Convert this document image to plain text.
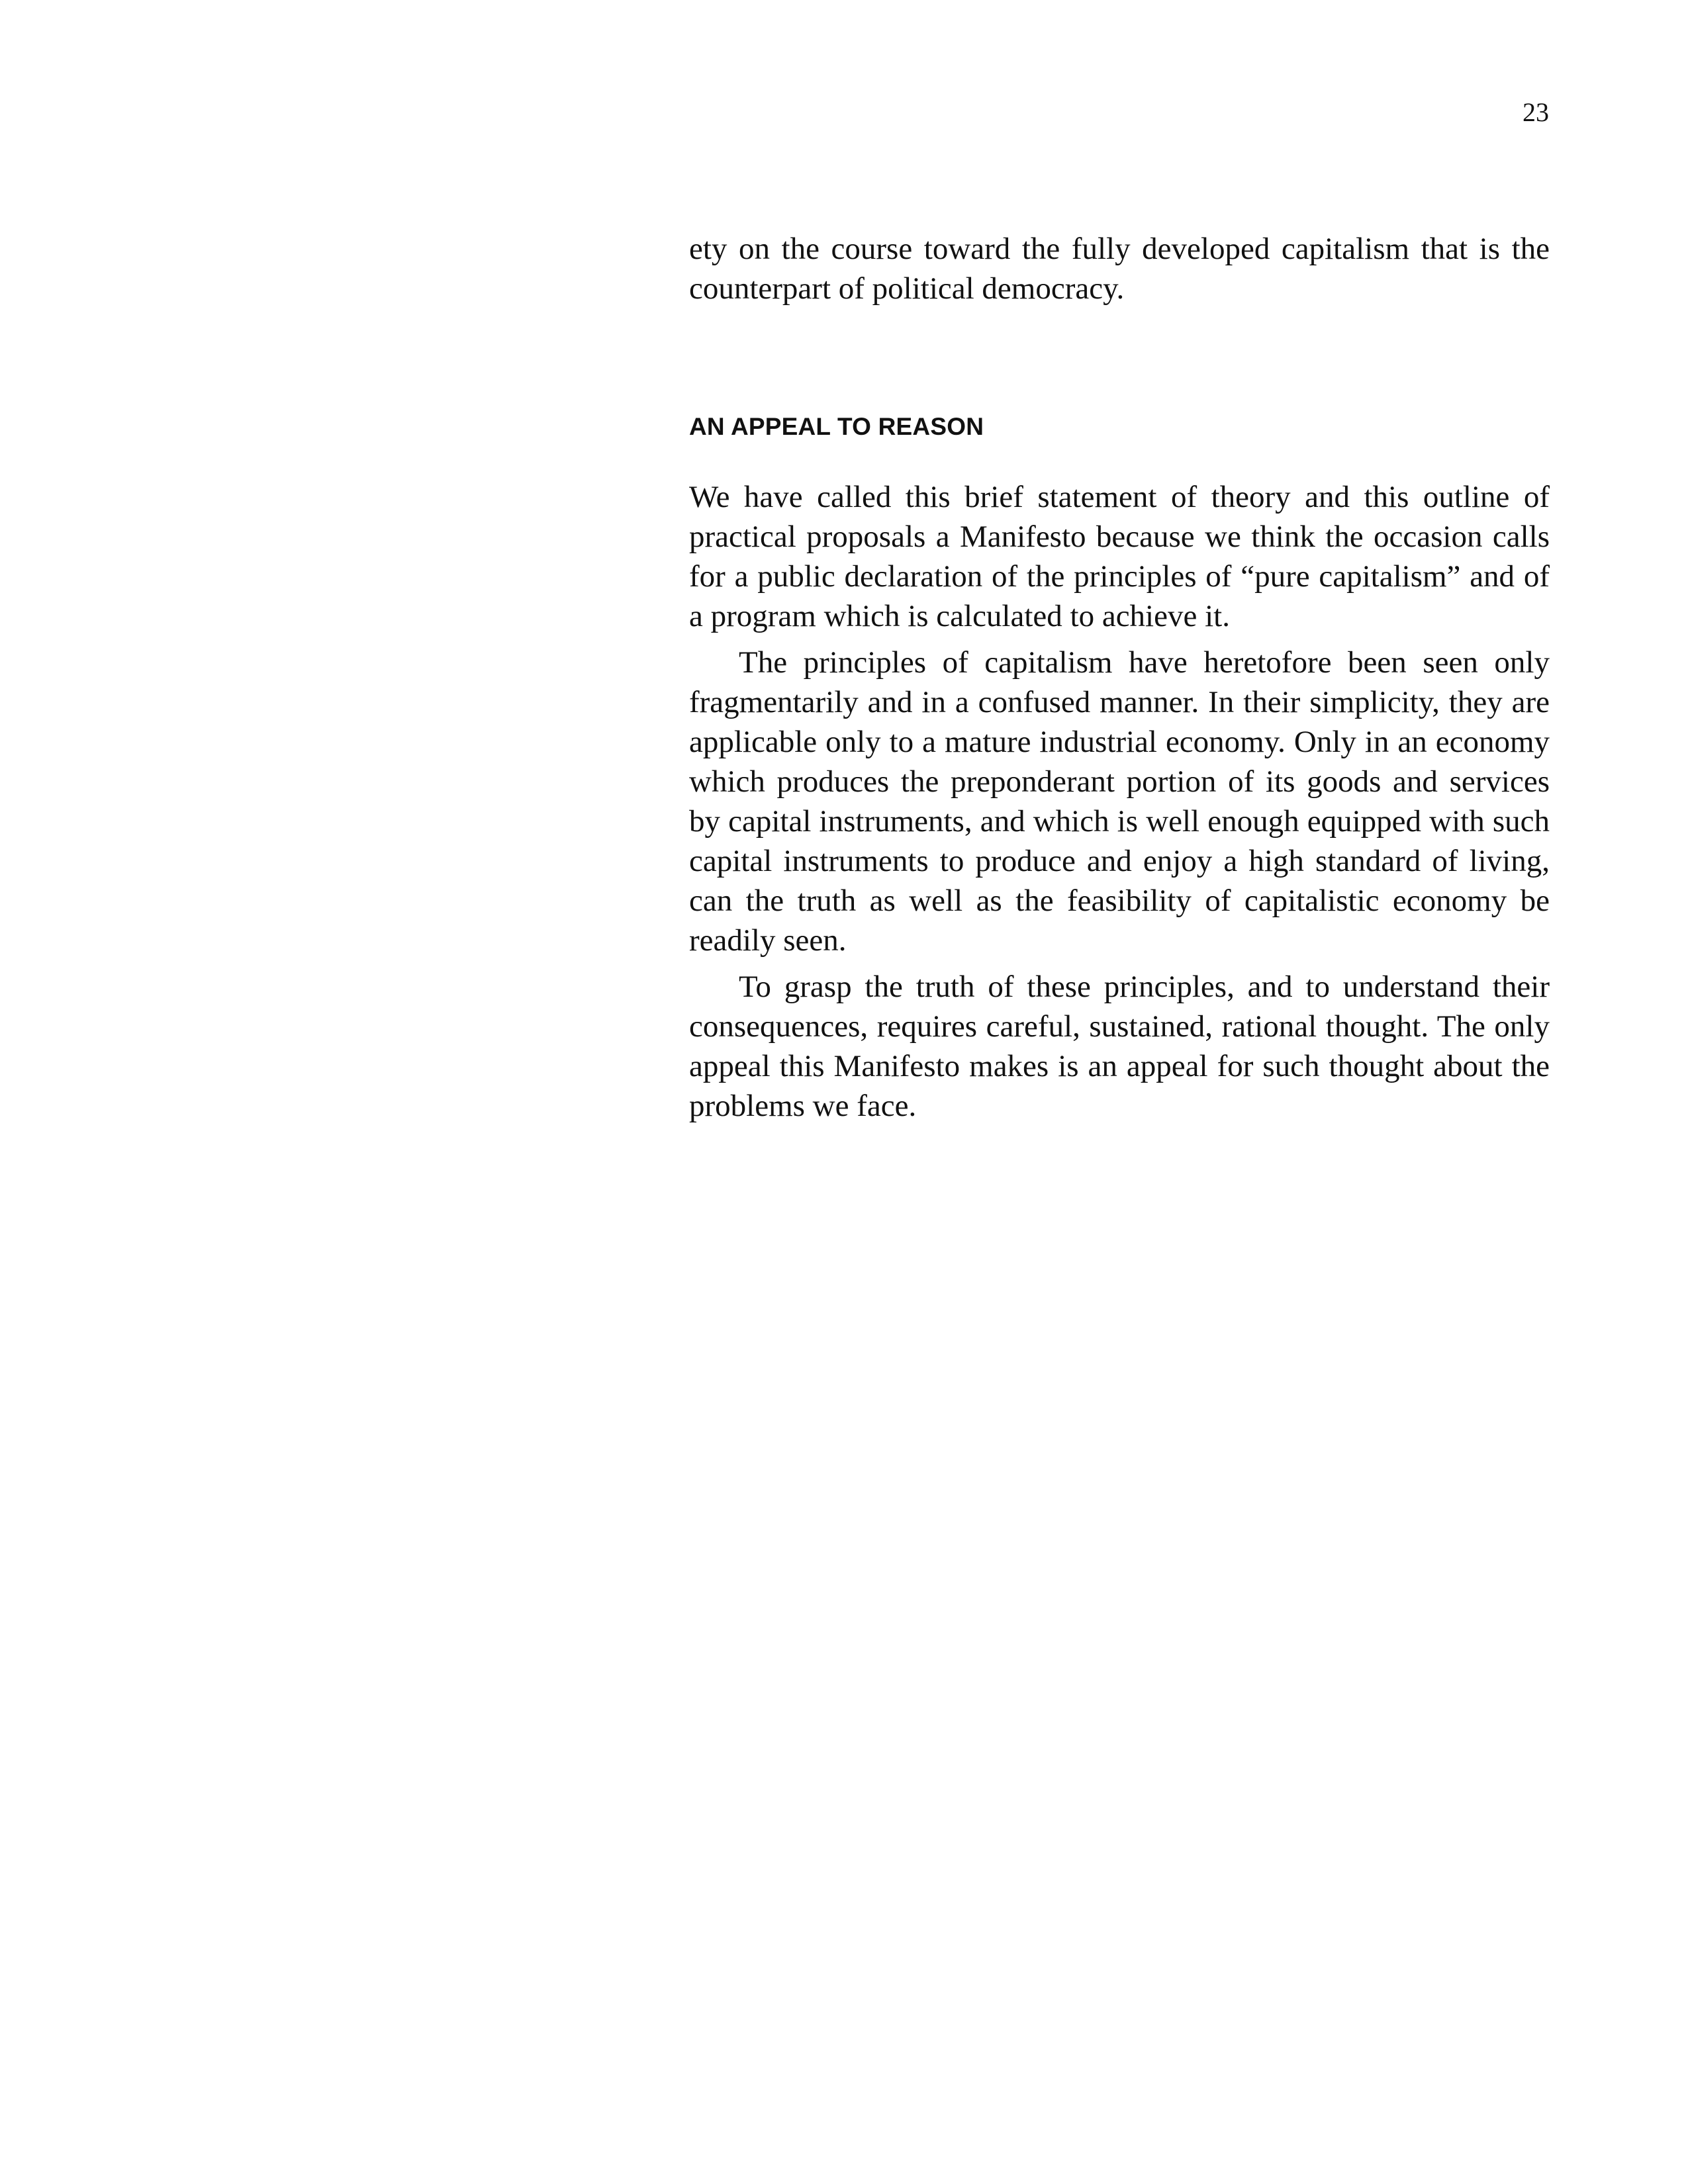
23

ety on the course toward the fully developed capitalism that is the counterpart of political democracy.

AN APPEAL TO REASON

We have called this brief statement of theory and this outline of practical proposals a Manifesto because we think the occasion calls for a public declaration of the principles of “pure capitalism” and of a program which is calculated to achieve it.

The principles of capitalism have heretofore been seen only fragmentarily and in a confused manner. In their simplicity, they are applicable only to a mature industrial economy. Only in an economy which produces the preponderant portion of its goods and services by capital instruments, and which is well enough equipped with such capital instruments to produce and enjoy a high standard of living, can the truth as well as the feasibility of capitalistic economy be readily seen.

To grasp the truth of these principles, and to understand their consequences, requires careful, sustained, rational thought. The only appeal this Manifesto makes is an appeal for such thought about the problems we face.
